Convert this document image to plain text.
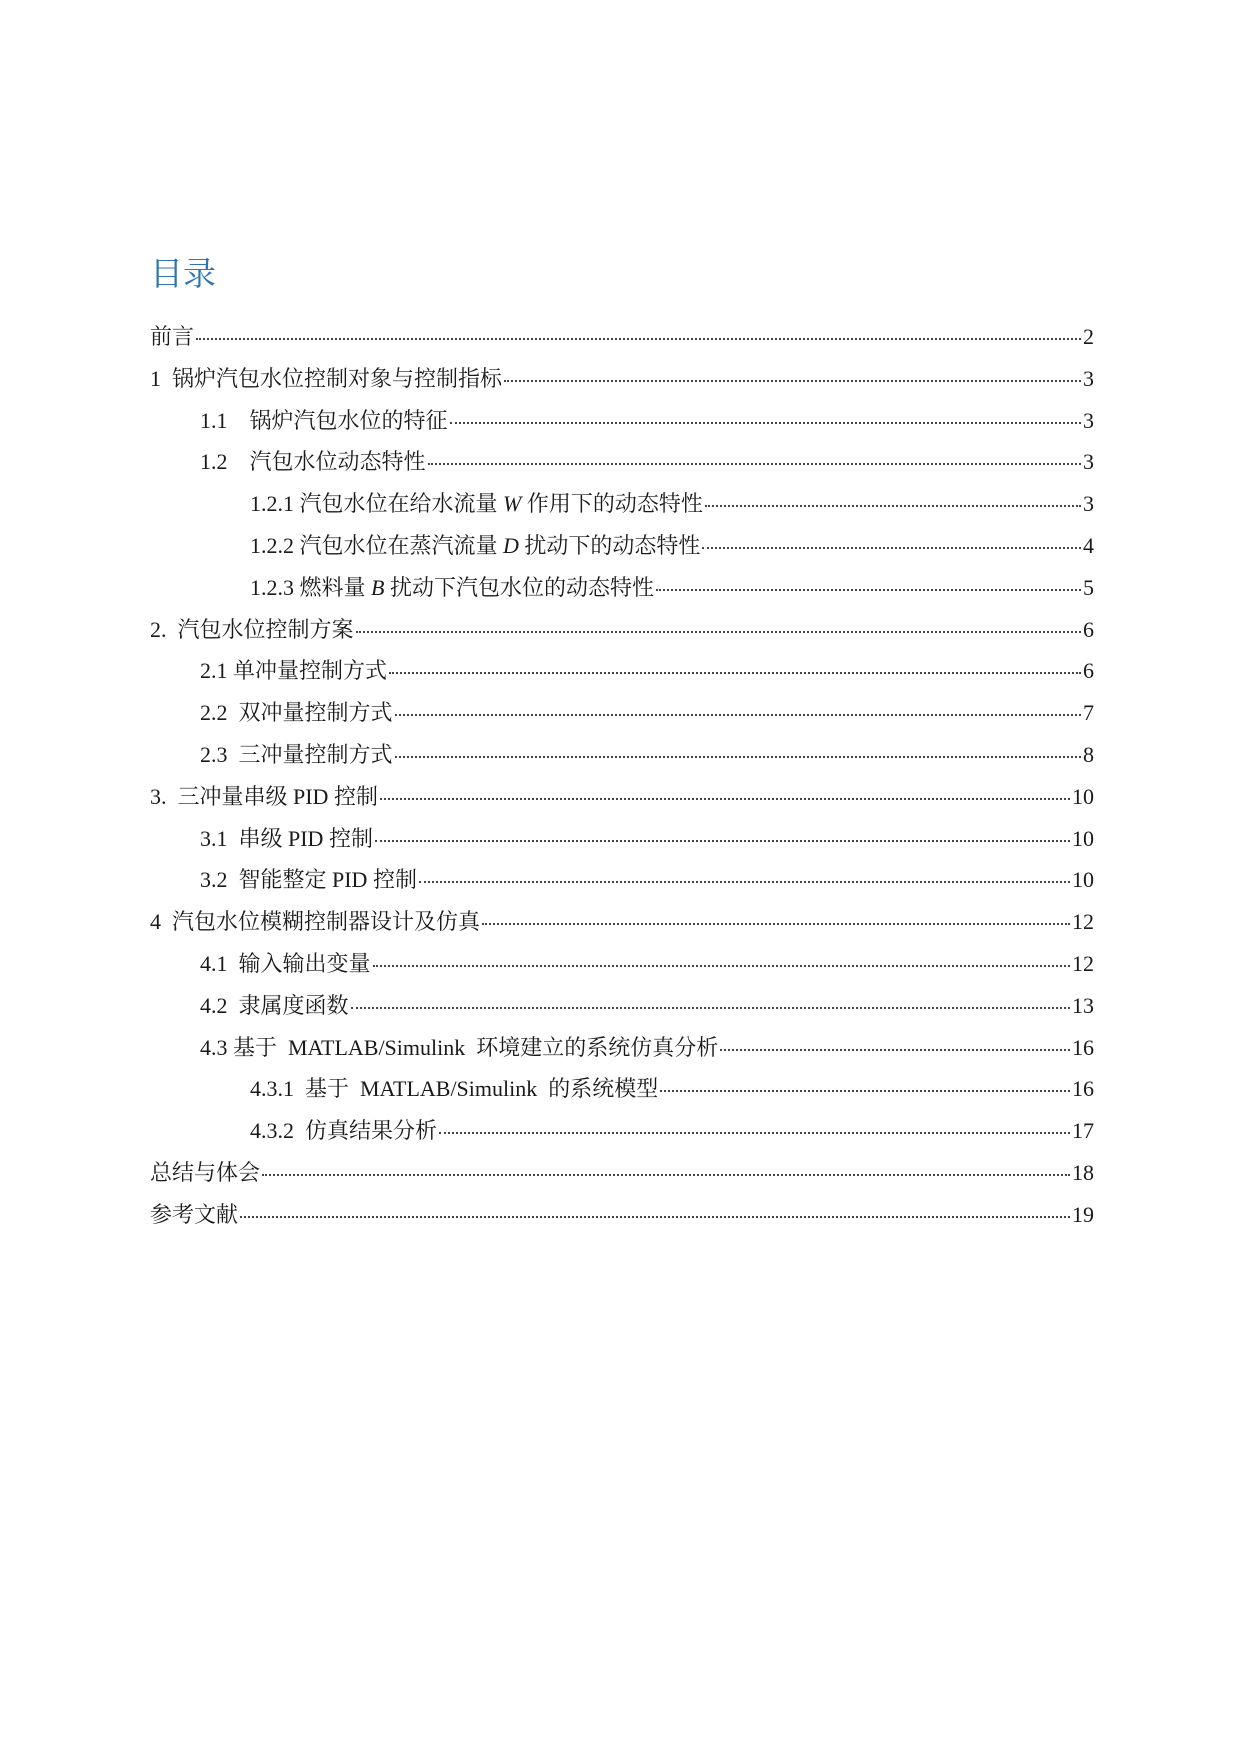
目录
前言	2
1  锅炉汽包水位控制对象与控制指标	3
1.1    锅炉汽包水位的特征	3
1.2    汽包水位动态特性	3
1.2.1 汽包水位在给水流量 W 作用下的动态特性	3
1.2.2 汽包水位在蒸汽流量 D 扰动下的动态特性	4
1.2.3 燃料量 B 扰动下汽包水位的动态特性	5
2.  汽包水位控制方案	6
2.1 单冲量控制方式	6
2.2  双冲量控制方式	7
2.3  三冲量控制方式	8
3.  三冲量串级 PID 控制	10
3.1  串级 PID 控制	10
3.2  智能整定 PID 控制	10
4  汽包水位模糊控制器设计及仿真	12
4.1  输入输出变量	12
4.2  隶属度函数	13
4.3 基于  MATLAB/Simulink  环境建立的系统仿真分析	16
4.3.1  基于  MATLAB/Simulink  的系统模型	16
4.3.2  仿真结果分析	17
总结与体会	18
参考文献	19
